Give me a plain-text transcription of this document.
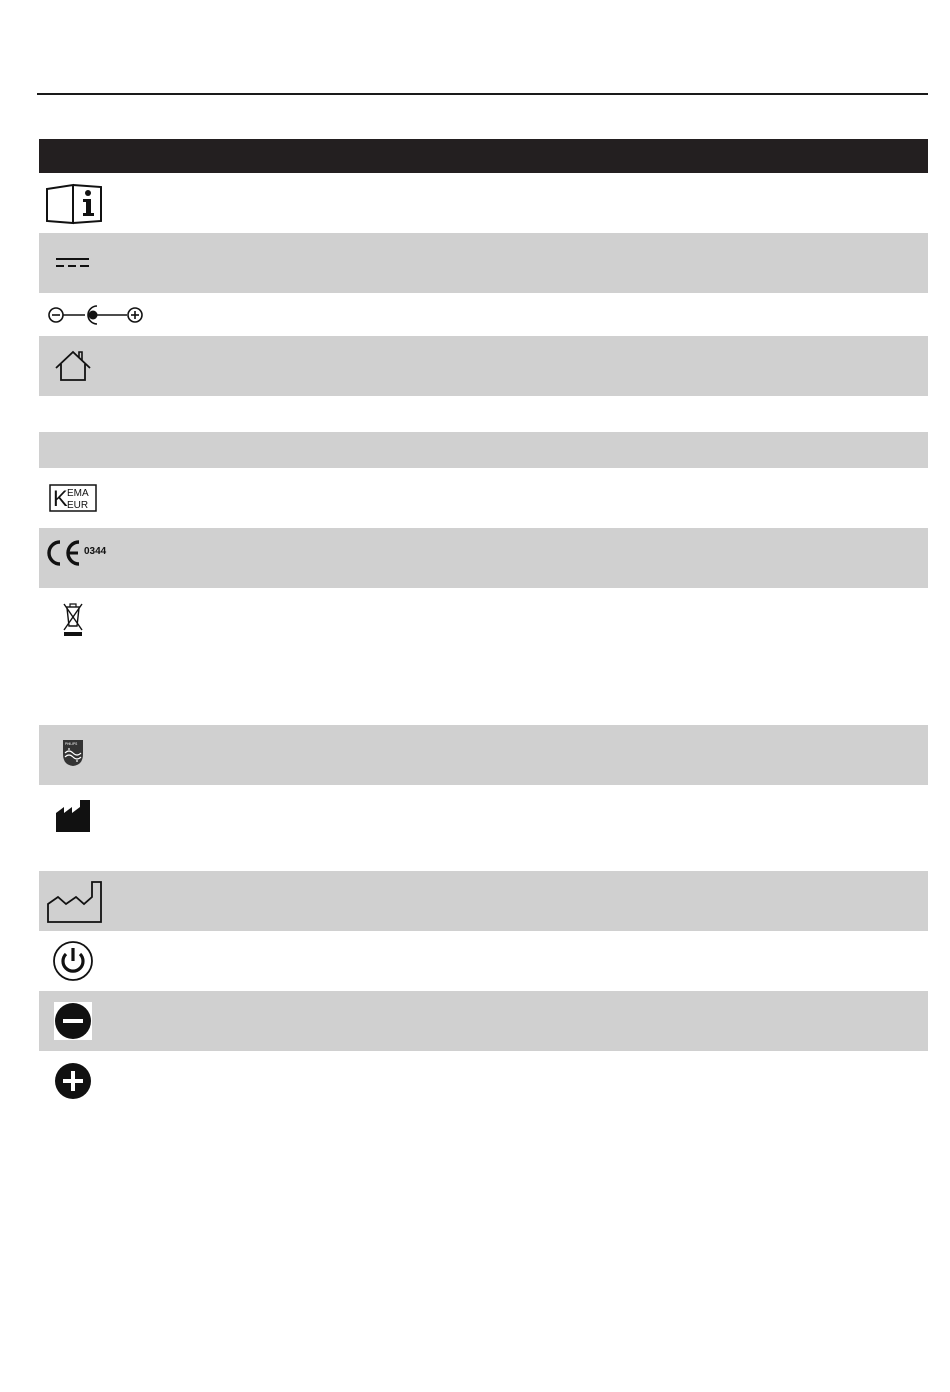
K EMA
EUR
0344
PHILIPS
